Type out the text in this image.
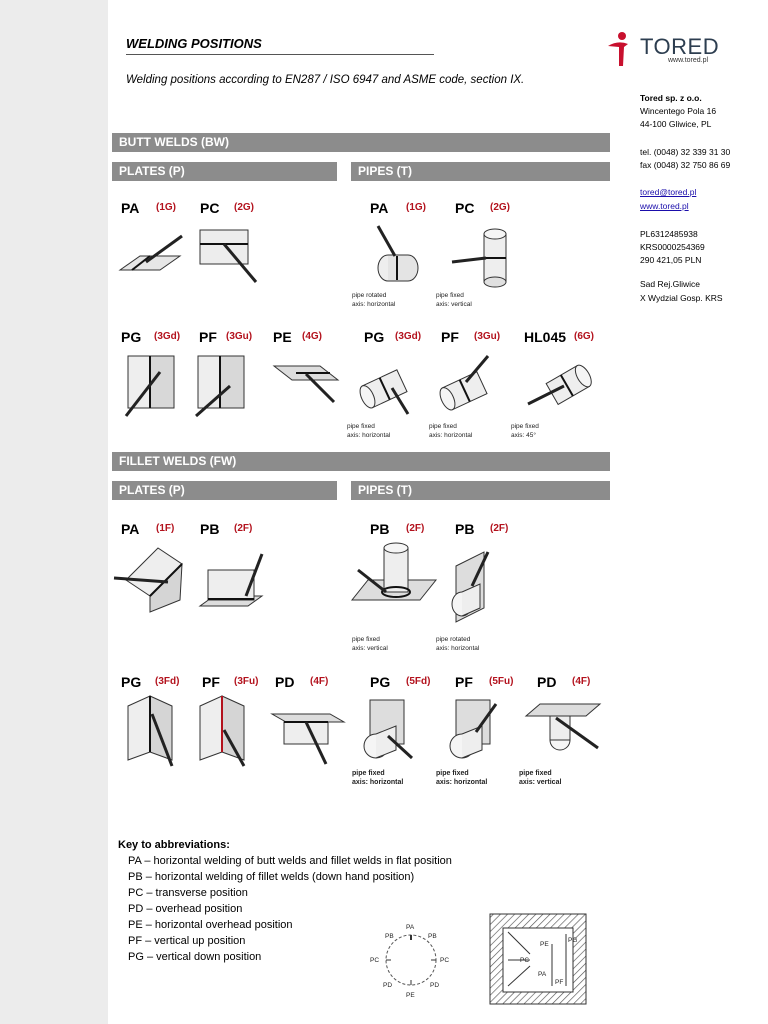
WELDING POSITIONS
Welding positions according to EN287 / ISO 6947 and ASME code, section IX.
TORED
www.tored.pl
Tored sp. z o.o.
Wincentego Pola 16
44-100 Gliwice, PL
tel. (0048) 32 339 31 30
fax (0048) 32 750 86 69
tored@tored.pl
www.tored.pl
PL6312485938
KRS0000254369
290 421,05 PLN
Sad Rej.Gliwice
X Wydzial Gosp. KRS
BUTT WELDS (BW)
PLATES (P)	PIPES (T)
FILLET WELDS (FW)
PLATES (P)	PIPES (T)
PA (1G) PC (2G)
PG (3Gd) PF (3Gu) PE (4G)
PA (1G) PC (2G)
PG (3Gd) PF (3Gu) HL045 (6G)
pipe rotated
axis: horizontal
pipe fixed
axis: vertical
pipe fixed
axis: horizontal
pipe fixed
axis: horizontal
pipe fixed
axis: 45°
PA (1F) PB (2F)
PG (3Fd) PF (3Fu) PD (4F)
PB (2F) PB (2F)
PG (5Fd) PF (5Fu) PD (4F)
pipe fixed
axis: vertical
pipe rotated
axis: horizontal
pipe fixed
axis: horizontal
pipe fixed
axis: horizontal
pipe fixed
axis: vertical
PA
PB	PB
PC	PC
PD	PD
PE
PE
PG
PA
PF
PC
Key to abbreviations:
PA – horizontal welding of butt welds and fillet welds in flat position
PB – horizontal welding of fillet welds (down hand position)
PC – transverse position
PD – overhead position
PE – horizontal overhead position
PF – vertical up position
PG – vertical down position
